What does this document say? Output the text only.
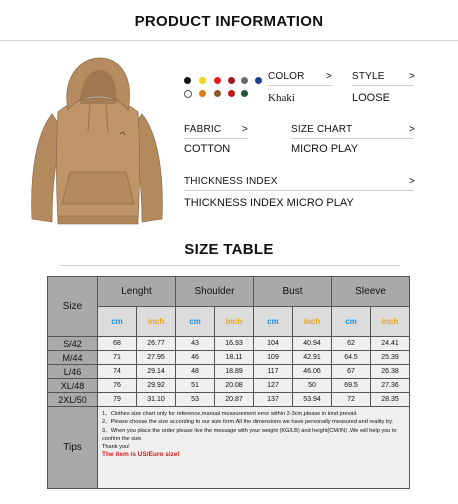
PRODUCT INFORMATION
COLOR >
Khaki
STYLE >
LOOSE
FABRIC >
COTTON
SIZE CHART	>
MICRO PLAY
THICKNESS INDEX	>
THICKNESS INDEX MICRO PLAY
SIZE TABLE
Size	Lenght		Shoulder		Bust		Sleeve	
	cm	inch	cm	inch	cm	inch	cm	inch
S/42	68	26.77	43	16.93	104	40.94	62	24.41
M/44	71	27.95	46	18.11	109	42.91	64.5	25.39
L/46	74	29.14	48	18.89	117	46.06	67	26.38
XL/48	76	29.92	51	20.08	127	50	69.5	27.36
2XL/50	79	31.10	53	20.87	137	53.94	72	28.35
Tips	1、Clothes size chart only for reference,manual measurement error within 2-3cm,please in kind prevail.
2、Please choose the size according to our size form.All the dimensions we have personally measured and reality try.
3、When you place the order please live the message with your weight (KG/LB) and height(CM/IN) .We will help you to confirm the size.
Thank you!
The item is US/Euro size!							
